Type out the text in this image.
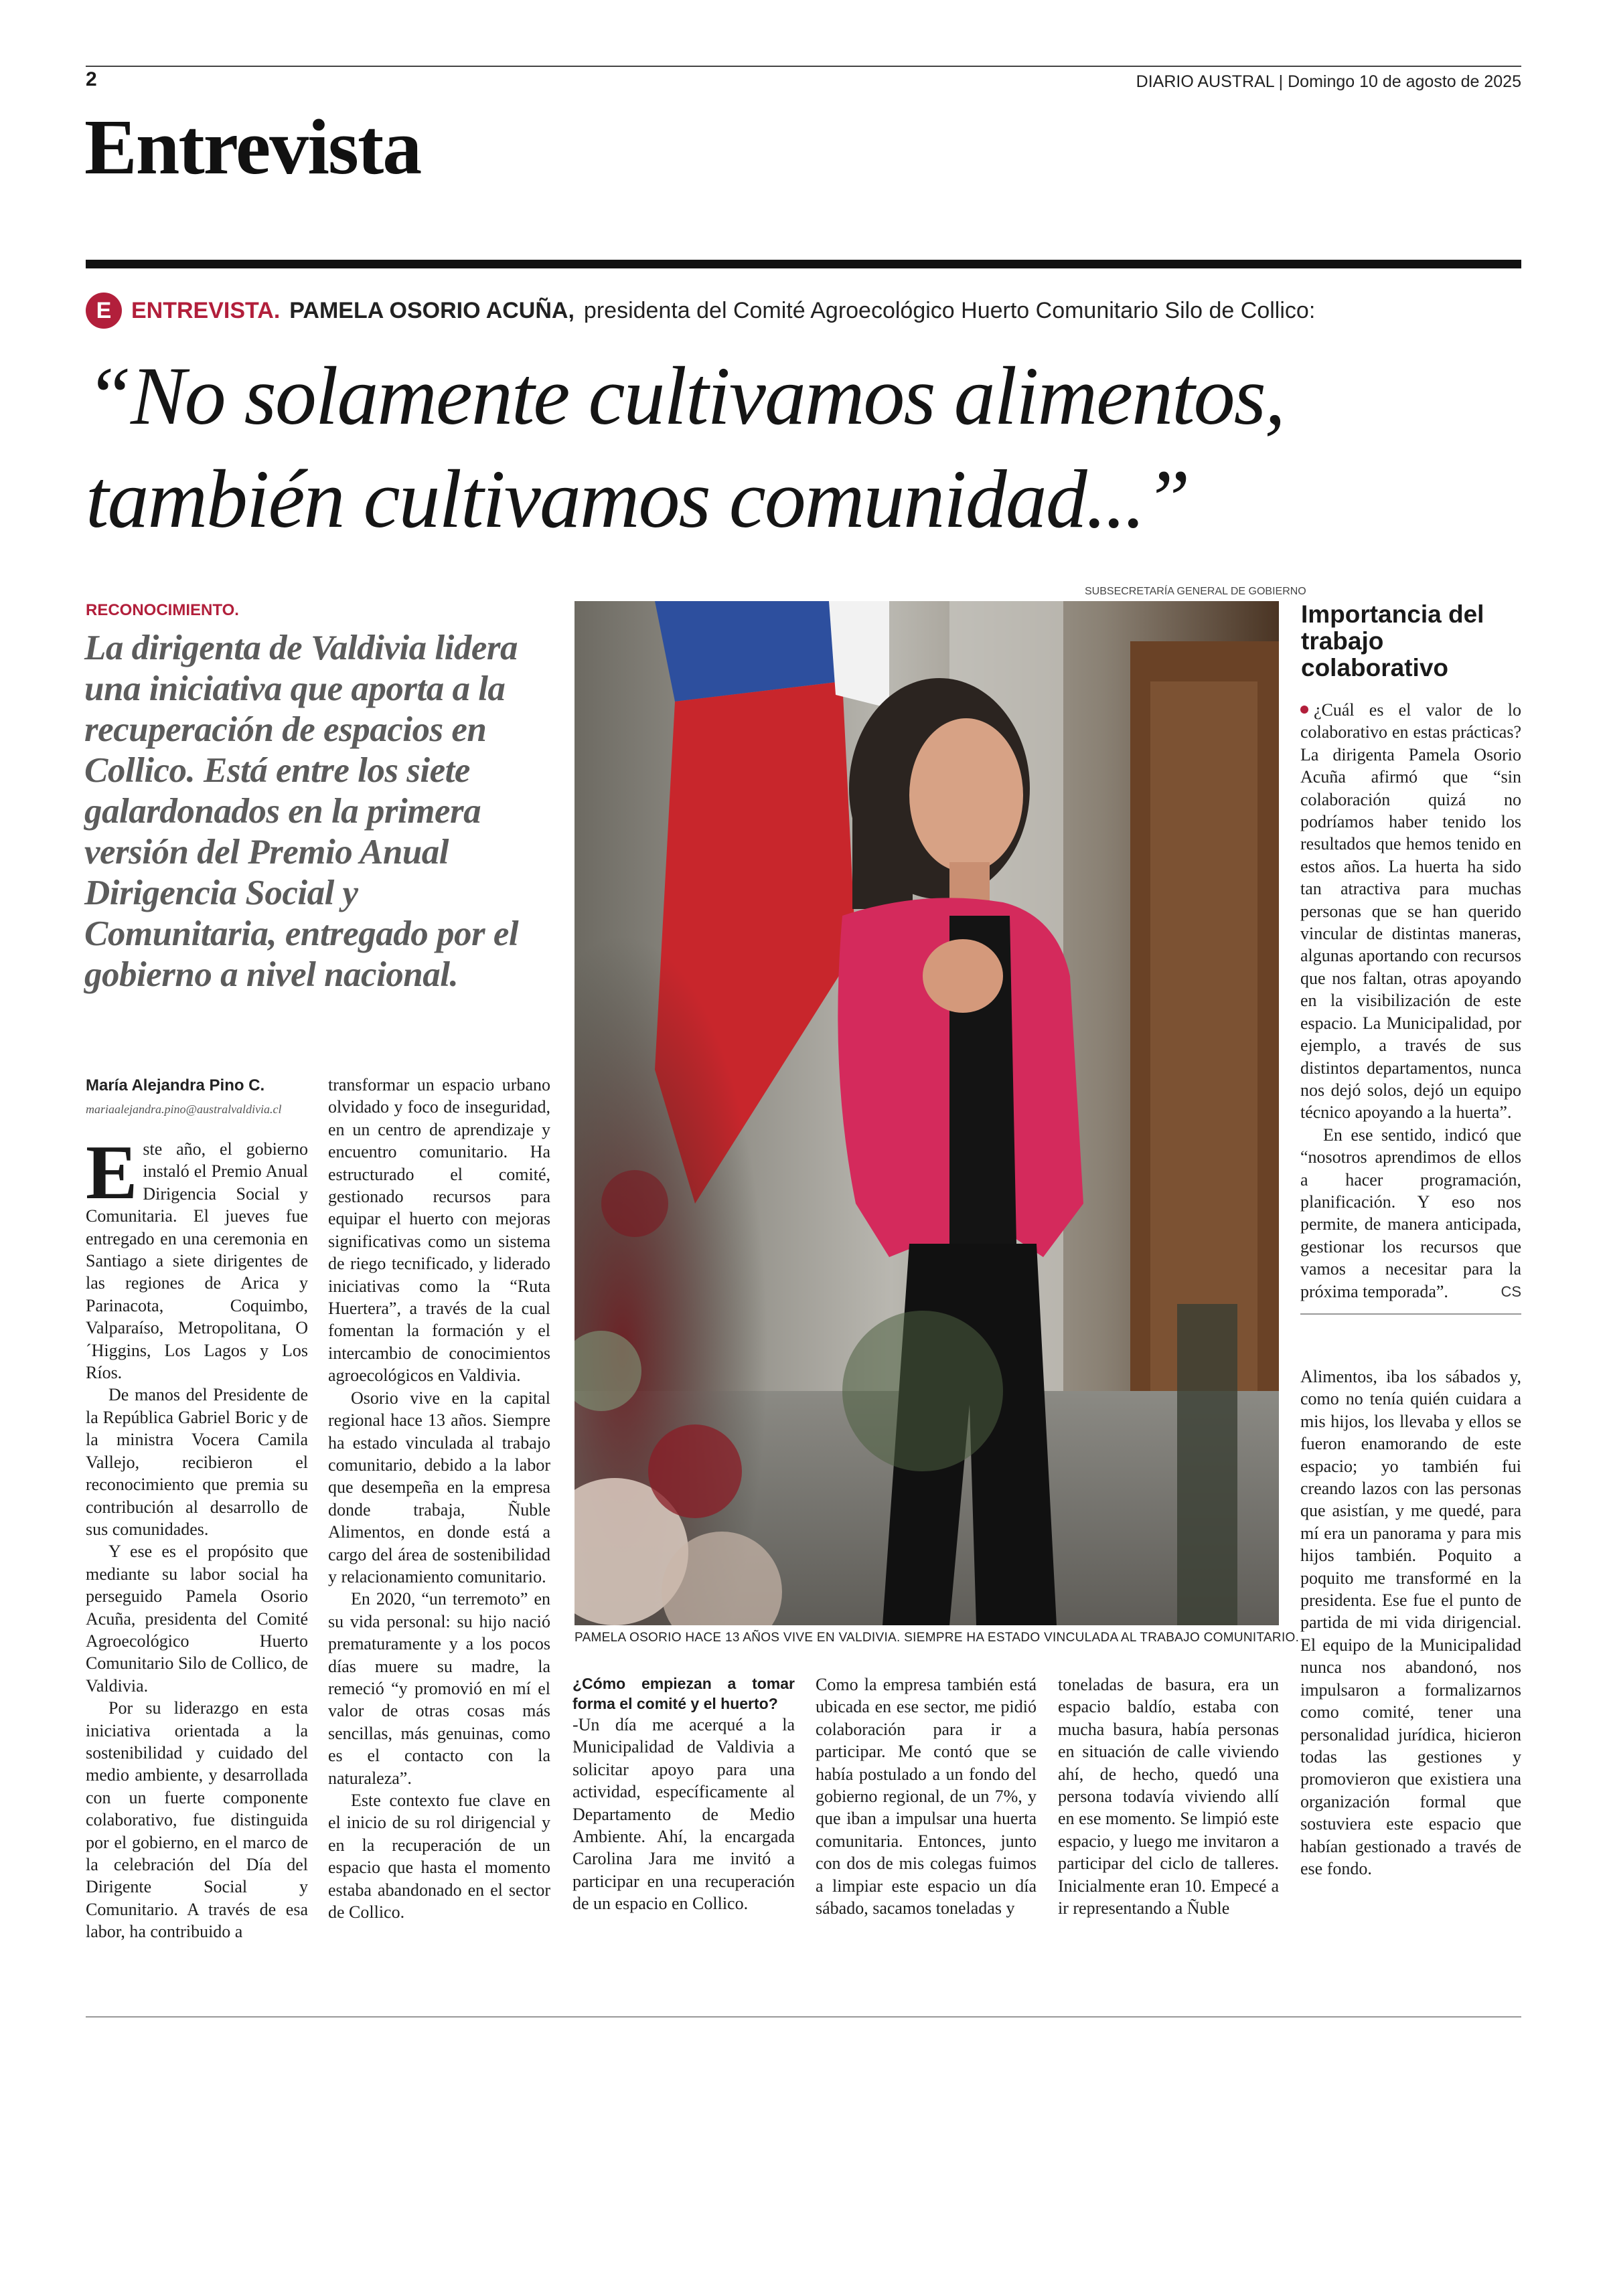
2	DIARIO AUSTRAL | Domingo 10 de agosto de 2025
Entrevista
E ENTREVISTA. PAMELA OSORIO ACUÑA, presidenta del Comité Agroecológico Huerto Comunitario Silo de Collico:
“No solamente cultivamos alimentos,
también cultivamos comunidad...”
RECONOCIMIENTO.
La dirigenta de Valdivia lidera una iniciativa que aporta a la recuperación de espacios en Collico. Está entre los siete galardonados en la primera versión del Premio Anual Dirigencia Social y Comunitaria, entregado por el gobierno a nivel nacional.
SUBSECRETARÍA GENERAL DE GOBIERNO
PAMELA OSORIO HACE 13 AÑOS VIVE EN VALDIVIA. SIEMPRE HA ESTADO VINCULADA AL TRABAJO COMUNITARIO.
María Alejandra Pino C.
mariaalejandra.pino@australvaldivia.cl

Este año, el gobierno instaló el Premio Anual Dirigencia Social y Comunitaria. El jueves fue entregado en una ceremonia en Santiago a siete dirigentes de las regiones de Arica y Parinacota, Coquimbo, Valparaíso, Metropolitana, O´Higgins, Los Lagos y Los Ríos.

De manos del Presidente de la República Gabriel Boric y de la ministra Vocera Camila Vallejo, recibieron el reconocimiento que premia su contribución al desarrollo de sus comunidades.

Y ese es el propósito que mediante su labor social ha perseguido Pamela Osorio Acuña, presidenta del Comité Agroecológico Huerto Comunitario Silo de Collico, de Valdivia.

Por su liderazgo en esta iniciativa orientada a la sostenibilidad y cuidado del medio ambiente, y desarrollada con un fuerte componente colaborativo, fue distinguida por el gobierno, en el marco de la celebración del Día del Dirigente Social y Comunitario. A través de esa labor, ha contribuido a

transformar un espacio urbano olvidado y foco de inseguridad, en un centro de aprendizaje y encuentro comunitario. Ha estructurado el comité, gestionado recursos para equipar el huerto con mejoras significativas como un sistema de riego tecnificado, y liderado iniciativas como la “Ruta Huertera”, a través de la cual fomentan la formación y el intercambio de conocimientos agroecológicos en Valdivia.

Osorio vive en la capital regional hace 13 años. Siempre ha estado vinculada al trabajo comunitario, debido a la labor que desempeña en la empresa donde trabaja, Ñuble Alimentos, en donde está a cargo del área de sostenibilidad y relacionamiento comunitario.

En 2020, “un terremoto” en su vida personal: su hijo nació prematuramente y a los pocos días muere su madre, la remeció “y promovió en mí el valor de otras cosas más sencillas, más genuinas, como es el contacto con la naturaleza”.

Este contexto fue clave en el inicio de su rol dirigencial y en la recuperación de un espacio que hasta el momento estaba abandonado en el sector de Collico.

¿Cómo empiezan a tomar forma el comité y el huerto?

-Un día me acerqué a la Municipalidad de Valdivia a solicitar apoyo para una actividad, específicamente al Departamento de Medio Ambiente. Ahí, la encargada Carolina Jara me invitó a participar en una recuperación de un espacio en Collico.

Como la empresa también está ubicada en ese sector, me pidió colaboración para ir a participar. Me contó que se había postulado a un fondo del gobierno regional, de un 7%, y que iban a impulsar una huerta comunitaria. Entonces, junto con dos de mis colegas fuimos a limpiar este espacio un día sábado, sacamos toneladas y

toneladas de basura, era un espacio baldío, estaba con mucha basura, había personas en situación de calle viviendo ahí, de hecho, quedó una persona todavía viviendo allí en ese momento. Se limpió este espacio, y luego me invitaron a participar del ciclo de talleres. Inicialmente eran 10. Empecé a ir representando a Ñuble

Alimentos, iba los sábados y, como no tenía quién cuidara a mis hijos, los llevaba y ellos se fueron enamorando de este espacio; yo también fui creando lazos con las personas que asistían, y me quedé, para mí era un panorama y para mis hijos también. Poquito a poquito me transformé en la presidenta. Ese fue el punto de partida de mi vida dirigencial. El equipo de la Municipalidad nunca nos abandonó, nos impulsaron a formalizarnos como comité, tener una personalidad jurídica, hicieron todas las gestiones y promovieron que existiera una organización formal que sostuviera este espacio que habían gestionado a través de ese fondo.

Importancia del trabajo colaborativo

¿Cuál es el valor de lo colaborativo en estas prácticas? La dirigenta Pamela Osorio Acuña afirmó que “sin colaboración quizá no podríamos haber tenido los resultados que hemos tenido en estos años. La huerta ha sido tan atractiva para muchas personas que se han querido vincular de distintas maneras, algunas aportando con recursos que nos faltan, otras apoyando en la visibilización de este espacio. La Municipalidad, por ejemplo, a través de sus distintos departamentos, nunca nos dejó solos, dejó un equipo técnico apoyando a la huerta”.

En ese sentido, indicó que “nosotros aprendimos de ellos a hacer programación, planificación. Y eso nos permite, de manera anticipada, gestionar los recursos que vamos a necesitar para la próxima temporada”.	CS
